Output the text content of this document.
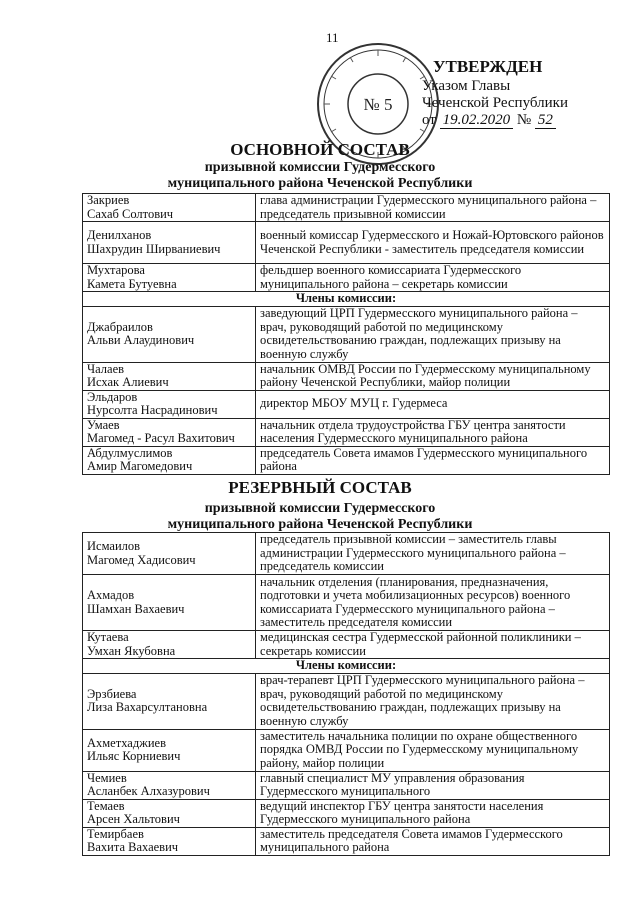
11
№ 5
УТВЕРЖДЕН
Указом Главы
Чеченской Республики
от 19.02.2020 № 52
ОСНОВНОЙ СОСТАВ
призывной комиссии Гудермесского
муниципального района Чеченской Республики
Закриев
Сахаб Солтович	глава администрации Гудермесского муниципального района – председатель призывной комиссии

Денилханов
Шахрудин Ширваниевич	военный комиссар Гудермесского и Ножай-Юртовского районов Чеченской Республики - заместитель председателя комиссии

Мухтарова
Камета Бутуевна	фельдшер военного комиссариата Гудермесского муниципального района – секретарь комиссии
Члены комиссии:	

Джабраилов
Альви Алаудинович	заведующий ЦРП Гудермесского муниципального района – врач, руководящий работой по медицинскому освидетельствованию граждан, подлежащих призыву на военную службу

Чалаев
Исхак Алиевич	начальник ОМВД России по Гудермесскому муниципальному району Чеченской Республики, майор полиции

Эльдаров
Нурсолта Насрадинович	директор МБОУ МУЦ г. Гудермеса

Умаев
Магомед - Расул Вахитович	начальник отдела трудоустройства ГБУ центра занятости населения Гудермесского муниципального района

Абдулмуслимов
Амир Магомедович	председатель Совета имамов Гудермесского муниципального района
РЕЗЕРВНЫЙ СОСТАВ
призывной комиссии Гудермесского
муниципального района Чеченской Республики
Исмаилов
Магомед Хадисович	председатель призывной комиссии – заместитель главы администрации Гудермесского муниципального района – председатель комиссии

Ахмадов
Шамхан Вахаевич	начальник отделения (планирования, предназначения, подготовки и учета мобилизационных ресурсов) военного комиссариата Гудермесского муниципального района – заместитель председателя комиссии

Кутаева
Умхан Якубовна	медицинская сестра Гудермесской районной поликлиники – секретарь комиссии
Члены комиссии:	

Эрзбиева
Лиза Вахарсултановна	врач-терапевт ЦРП Гудермесского муниципального района – врач, руководящий работой по медицинскому освидетельствованию граждан, подлежащих призыву на военную службу

Ахметхаджиев
Ильяс Корниевич	заместитель начальника полиции по охране общественного порядка ОМВД России по Гудермесскому муниципальному району, майор полиции

Чемиев
Асланбек Алхазурович	главный специалист МУ управления образования Гудермесского муниципального

Темаев
Арсен Хальтович	ведущий инспектор ГБУ центра занятости населения Гудермесского муниципального района

Темирбаев
Вахита Вахаевич	заместитель председателя Совета имамов Гудермесского муниципального района
